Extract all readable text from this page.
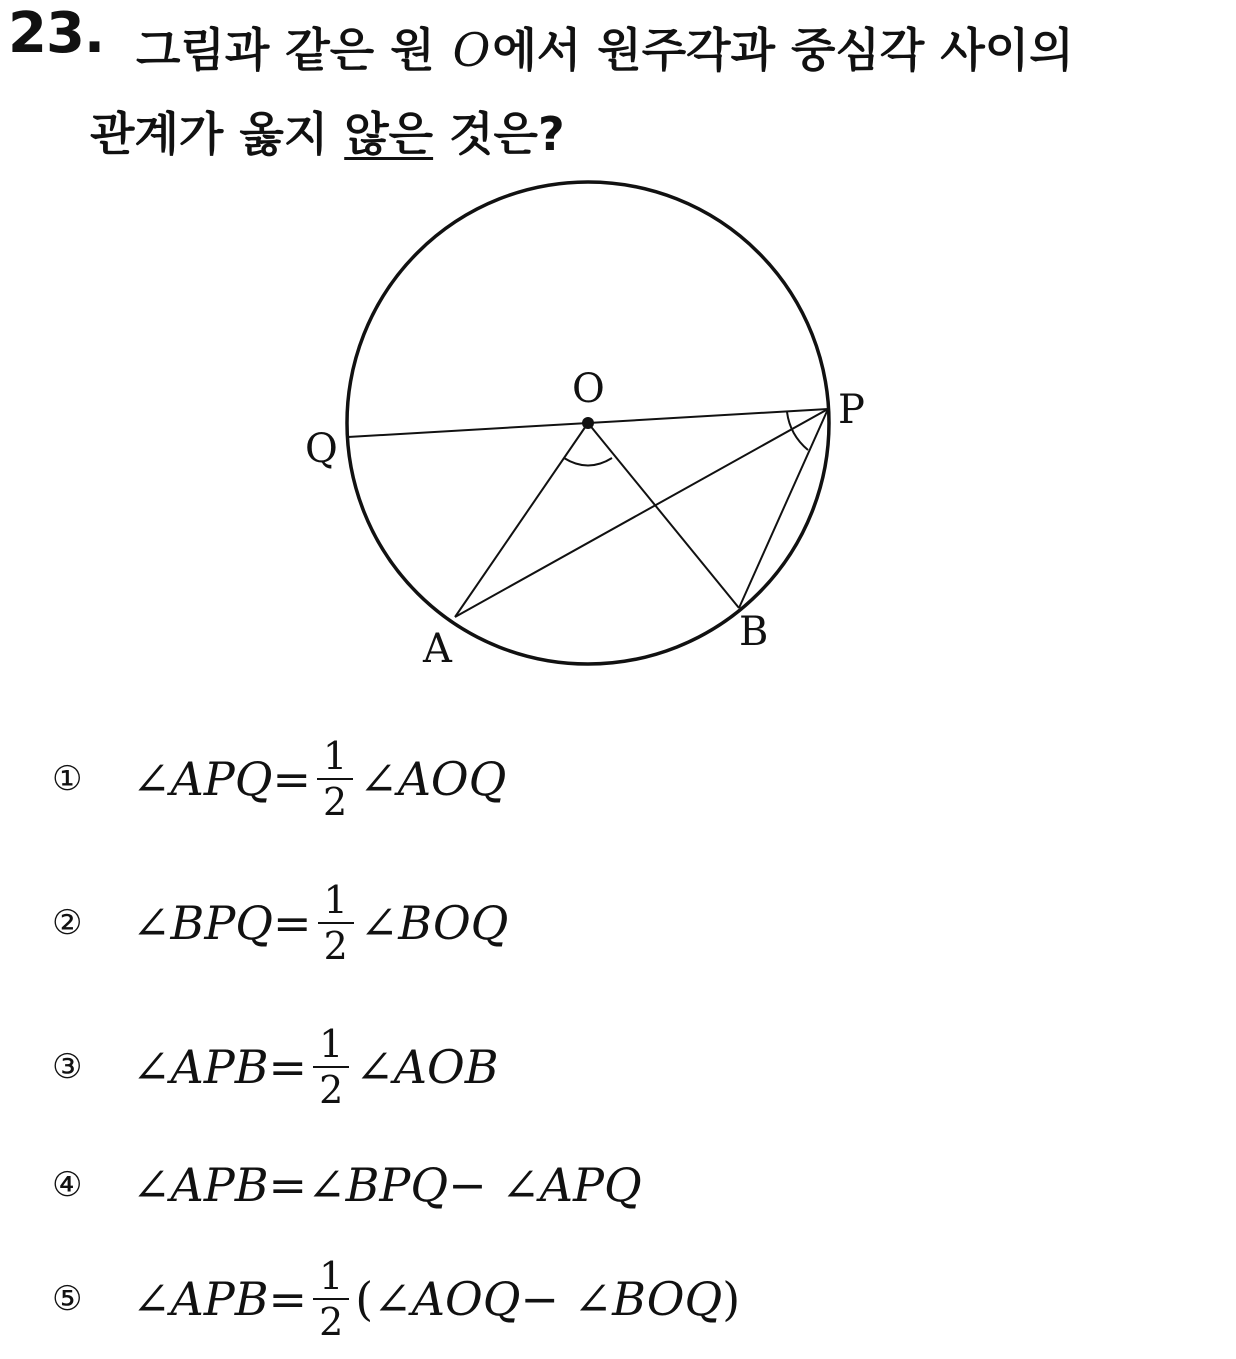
23. 그림과 같은 원 O에서 원주각과 중심각 사이의
관계가 옳지 않은 것은?
O	P
Q
A	B
①	∠APQ = $\frac{1}{2}$ ∠AOQ
②	∠BPQ = $\frac{1}{2}$ ∠BOQ
③	∠APB = $\frac{1}{2}$ ∠AOB
④	∠APB = ∠BPQ− ∠APQ
⑤	∠APB = $\frac{1}{2}$ ( ∠AOQ− ∠BOQ )
